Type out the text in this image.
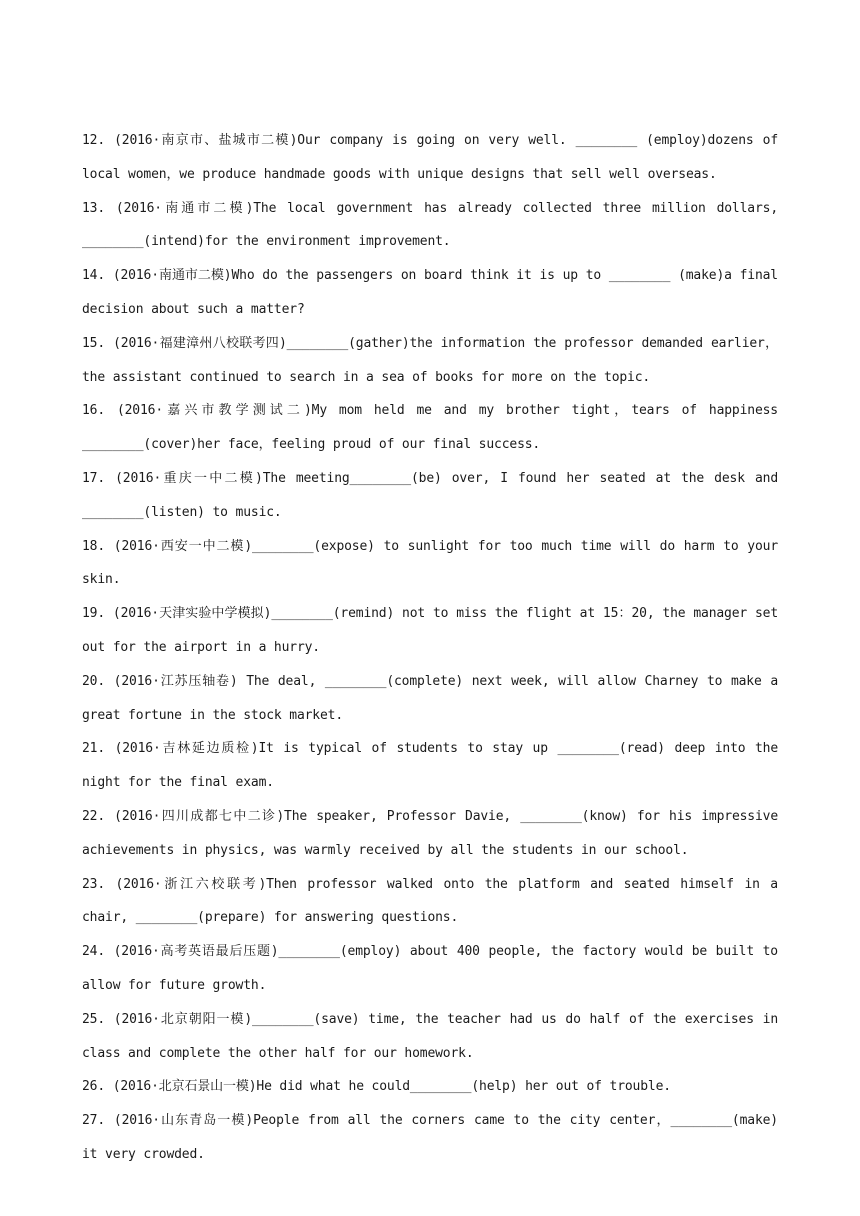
12. (2016·南京市、盐城市二模)Our company is going on very well. ________ (employ)dozens of local women，we produce handmade goods with unique designs that sell well overseas.
13. (2016·南通市二模)The local government has already collected three million dollars, ________(intend)for the environment improvement.
14. (2016·南通市二模)Who do the passengers on board think it is up to ________ (make)a final decision about such a matter?
15. (2016·福建漳州八校联考四)________(gather)the information the professor demanded earlier，the assistant continued to search in a sea of books for more on the topic.
16. (2016·嘉兴市教学测试二)My mom held me and my brother tight，tears of happiness ________(cover)her face，feeling proud of our final success.
17. (2016·重庆一中二模)The meeting________(be) over, I found her seated at the desk and ________(listen) to music.
18. (2016·西安一中二模)________(expose) to sunlight for too much time will do harm to your skin.
19. (2016·天津实验中学模拟)________(remind) not to miss the flight at 15：20, the manager set out for the airport in a hurry.
20. (2016·江苏压轴卷) The deal, ________(complete) next week, will allow Charney to make a great fortune in the stock market.
21. (2016·吉林延边质检)It is typical of students to stay up ________(read) deep into the night for the final exam.
22. (2016·四川成都七中二诊)The speaker, Professor Davie, ________(know) for his impressive achievements in physics, was warmly received by all the students in our school.
23. (2016·浙江六校联考)Then professor walked onto the platform and seated himself in a chair, ________(prepare) for answering questions.
24. (2016·高考英语最后压题)________(employ) about 400 people, the factory would be built to allow for future growth.
25. (2016·北京朝阳一模)________(save) time, the teacher had us do half of the exercises in class and complete the other half for our homework.
26. (2016·北京石景山一模)He did what he could________(help) her out of trouble.
27. (2016·山东青岛一模)People from all the corners came to the city center，________(make) it very crowded.
